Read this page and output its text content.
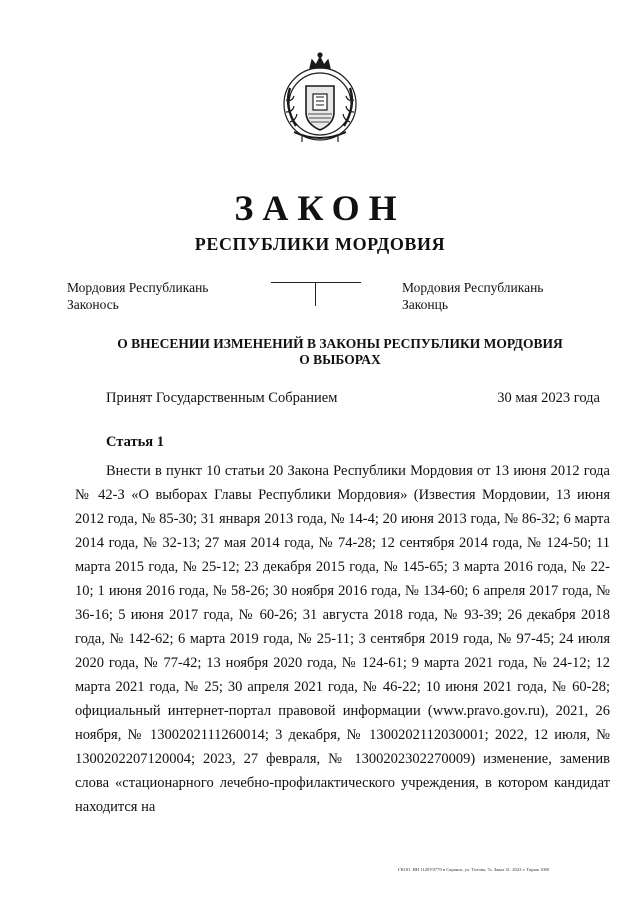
ЗАКОН
РЕСПУБЛИКИ МОРДОВИЯ
Мордовия Республикань
Законось
Мордовия Республикань
Законць
О ВНЕСЕНИИ ИЗМЕНЕНИЙ В ЗАКОНЫ РЕСПУБЛИКИ МОРДОВИЯ
О ВЫБОРАХ
Принят Государственным Собранием	30 мая 2023 года
Статья 1
Внести в пункт 10 статьи 20 Закона Республики Мордовия от 13 июня 2012 года № 42-З «О выборах Главы Республики Мордовия» (Известия Мордовии, 13 июня 2012 года, № 85-30; 31 января 2013 года, № 14-4; 20 июня 2013 года, № 86-32; 6 марта 2014 года, № 32-13; 27 мая 2014 года, № 74-28; 12 сентября 2014 года, № 124-50; 11 марта 2015 года, № 25-12; 23 декабря 2015 года, № 145-65; 3 марта 2016 года, № 22-10; 1 июня 2016 года, № 58-26; 30 ноября 2016 года, № 134-60; 6 апреля 2017 года, № 36-16; 5 июня 2017 года, № 60-26; 31 августа 2018 года, № 93-39; 26 декабря 2018 года, № 142-62; 6 марта 2019 года, № 25-11; 3 сентября 2019 года, № 97-45; 24 июля 2020 года, № 77-42; 13 ноября 2020 года, № 124-61; 9 марта 2021 года, № 24-12; 12 марта 2021 года, № 25; 30 апреля 2021 года, № 46-22; 10 июня 2021 года, № 60-28; официальный интернет-портал правовой информации (www.pravo.gov.ru), 2021, 26 ноября, № 1300202111260014; 3 декабря, № 1300202112030001; 2022, 12 июля, № 1300202207120004; 2023, 27 февраля, № 1300202302270009) изменение, заменив слова «стационарного лечебно-профилактического учреждения, в котором кандидат находится на
ГКОО. НН 1120У0770 в Саранск, ул. Титова, 7а. Заказ 31. 2023 г. Тираж 1000
